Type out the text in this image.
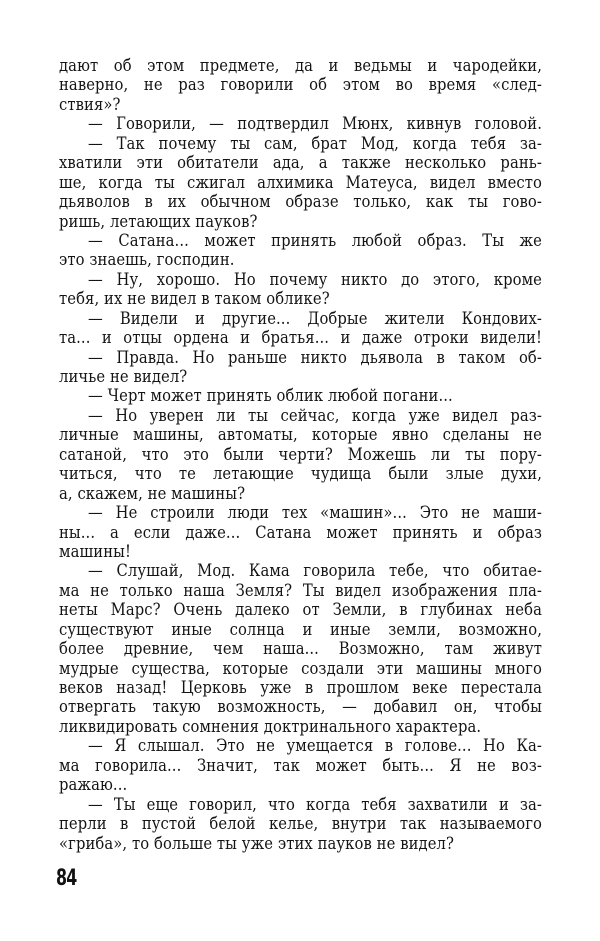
дают об этом предмете, да и ведьмы и чародейки,
наверно, не раз говорили об этом во время «след-
ствия»?
— Говорили, — подтвердил Мюнх, кивнув головой.
— Так почему ты сам, брат Мод, когда тебя за-
хватили эти обитатели ада, а также несколько рань-
ше, когда ты сжигал алхимика Матеуса, видел вместо
дьяволов в их обычном образе только, как ты гово-
ришь, летающих пауков?
— Сатана... может принять любой образ. Ты же
это знаешь, господин.
— Ну, хорошо. Но почему никто до этого, кроме
тебя, их не видел в таком облике?
— Видели и другие... Добрые жители Кондових-
та... и отцы ордена и братья... и даже отроки видели!
— Правда. Но раньше никто дьявола в таком об-
личье не видел?
— Черт может принять облик любой погани...
— Но уверен ли ты сейчас, когда уже видел раз-
личные машины, автоматы, которые явно сделаны не
сатаной, что это были черти? Можешь ли ты пору-
читься, что те летающие чудища были злые духи,
а, скажем, не машины?
— Не строили люди тех «машин»... Это не маши-
ны... а если даже... Сатана может принять и образ
машины!
— Слушай, Мод. Кама говорила тебе, что обитае-
ма не только наша Земля? Ты видел изображения пла-
неты Марс? Очень далеко от Земли, в глубинах неба
существуют иные солнца и иные земли, возможно,
более древние, чем наша... Возможно, там живут
мудрые существа, которые создали эти машины много
веков назад! Церковь уже в прошлом веке перестала
отвергать такую возможность, — добавил он, чтобы
ликвидировать сомнения доктринального характера.
— Я слышал. Это не умещается в голове... Но Ка-
ма говорила... Значит, так может быть... Я не воз-
ражаю...
— Ты еще говорил, что когда тебя захватили и за-
перли в пустой белой келье, внутри так называемого
«гриба», то больше ты уже этих пауков не видел?
84
